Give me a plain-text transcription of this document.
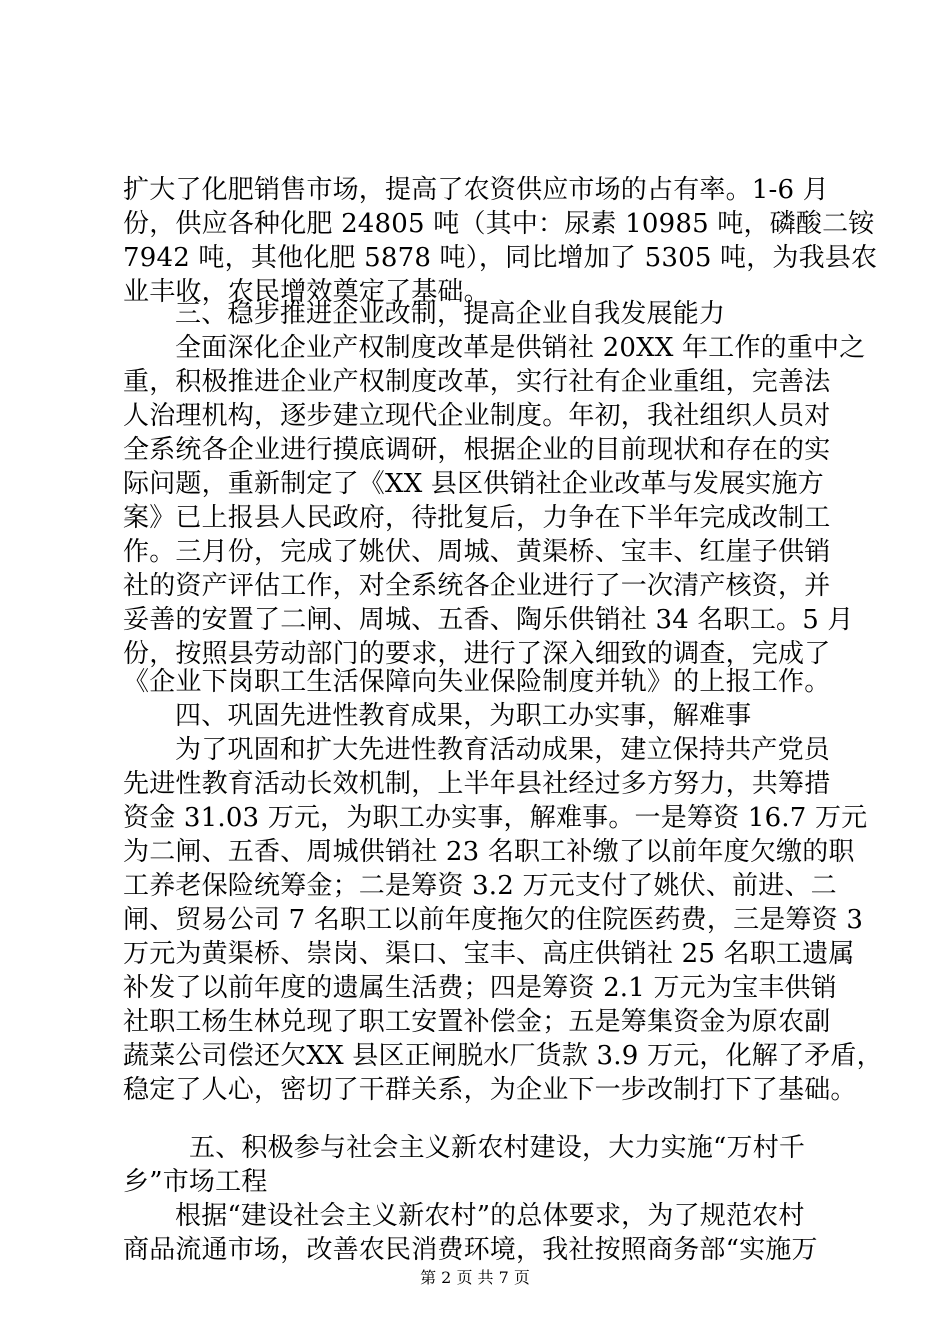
扩大了化肥销售市场，提高了农资供应市场的占有率。1-6 月
份，供应各种化肥 24805 吨（其中：尿素 10985 吨，磷酸二铵
7942 吨，其他化肥 5878 吨），同比增加了 5305 吨，为我县农
业丰收，农民增效奠定了基础。
三、稳步推进企业改制，提高企业自我发展能力
全面深化企业产权制度改革是供销社 20XX 年工作的重中之
重，积极推进企业产权制度改革，实行社有企业重组，完善法
人治理机构，逐步建立现代企业制度。年初，我社组织人员对
全系统各企业进行摸底调研，根据企业的目前现状和存在的实
际问题，重新制定了《XX 县区供销社企业改革与发展实施方
案》已上报县人民政府，待批复后，力争在下半年完成改制工
作。三月份，完成了姚伏、周城、黄渠桥、宝丰、红崖子供销
社的资产评估工作，对全系统各企业进行了一次清产核资，并
妥善的安置了二闸、周城、五香、陶乐供销社 34 名职工。5 月
份，按照县劳动部门的要求，进行了深入细致的调查，完成了
《企业下岗职工生活保障向失业保险制度并轨》的上报工作。
四、巩固先进性教育成果，为职工办实事，解难事
为了巩固和扩大先进性教育活动成果，建立保持共产党员
先进性教育活动长效机制，上半年县社经过多方努力，共筹措
资金 31.03 万元，为职工办实事，解难事。一是筹资 16.7 万元
为二闸、五香、周城供销社 23 名职工补缴了以前年度欠缴的职
工养老保险统筹金；二是筹资 3.2 万元支付了姚伏、前进、二
闸、贸易公司 7 名职工以前年度拖欠的住院医药费，三是筹资 3
万元为黄渠桥、崇岗、渠口、宝丰、高庄供销社 25 名职工遗属
补发了以前年度的遗属生活费；四是筹资 2.1 万元为宝丰供销
社职工杨生林兑现了职工安置补偿金；五是筹集资金为原农副
蔬菜公司偿还欠XX 县区正闸脱水厂货款 3.9 万元，化解了矛盾，
稳定了人心，密切了干群关系，为企业下一步改制打下了基础。
五、积极参与社会主义新农村建设，大力实施“万村千
乡”市场工程
根据“建设社会主义新农村”的总体要求，为了规范农村
商品流通市场，改善农民消费环境，我社按照商务部“实施万
第 2 页 共 7 页
